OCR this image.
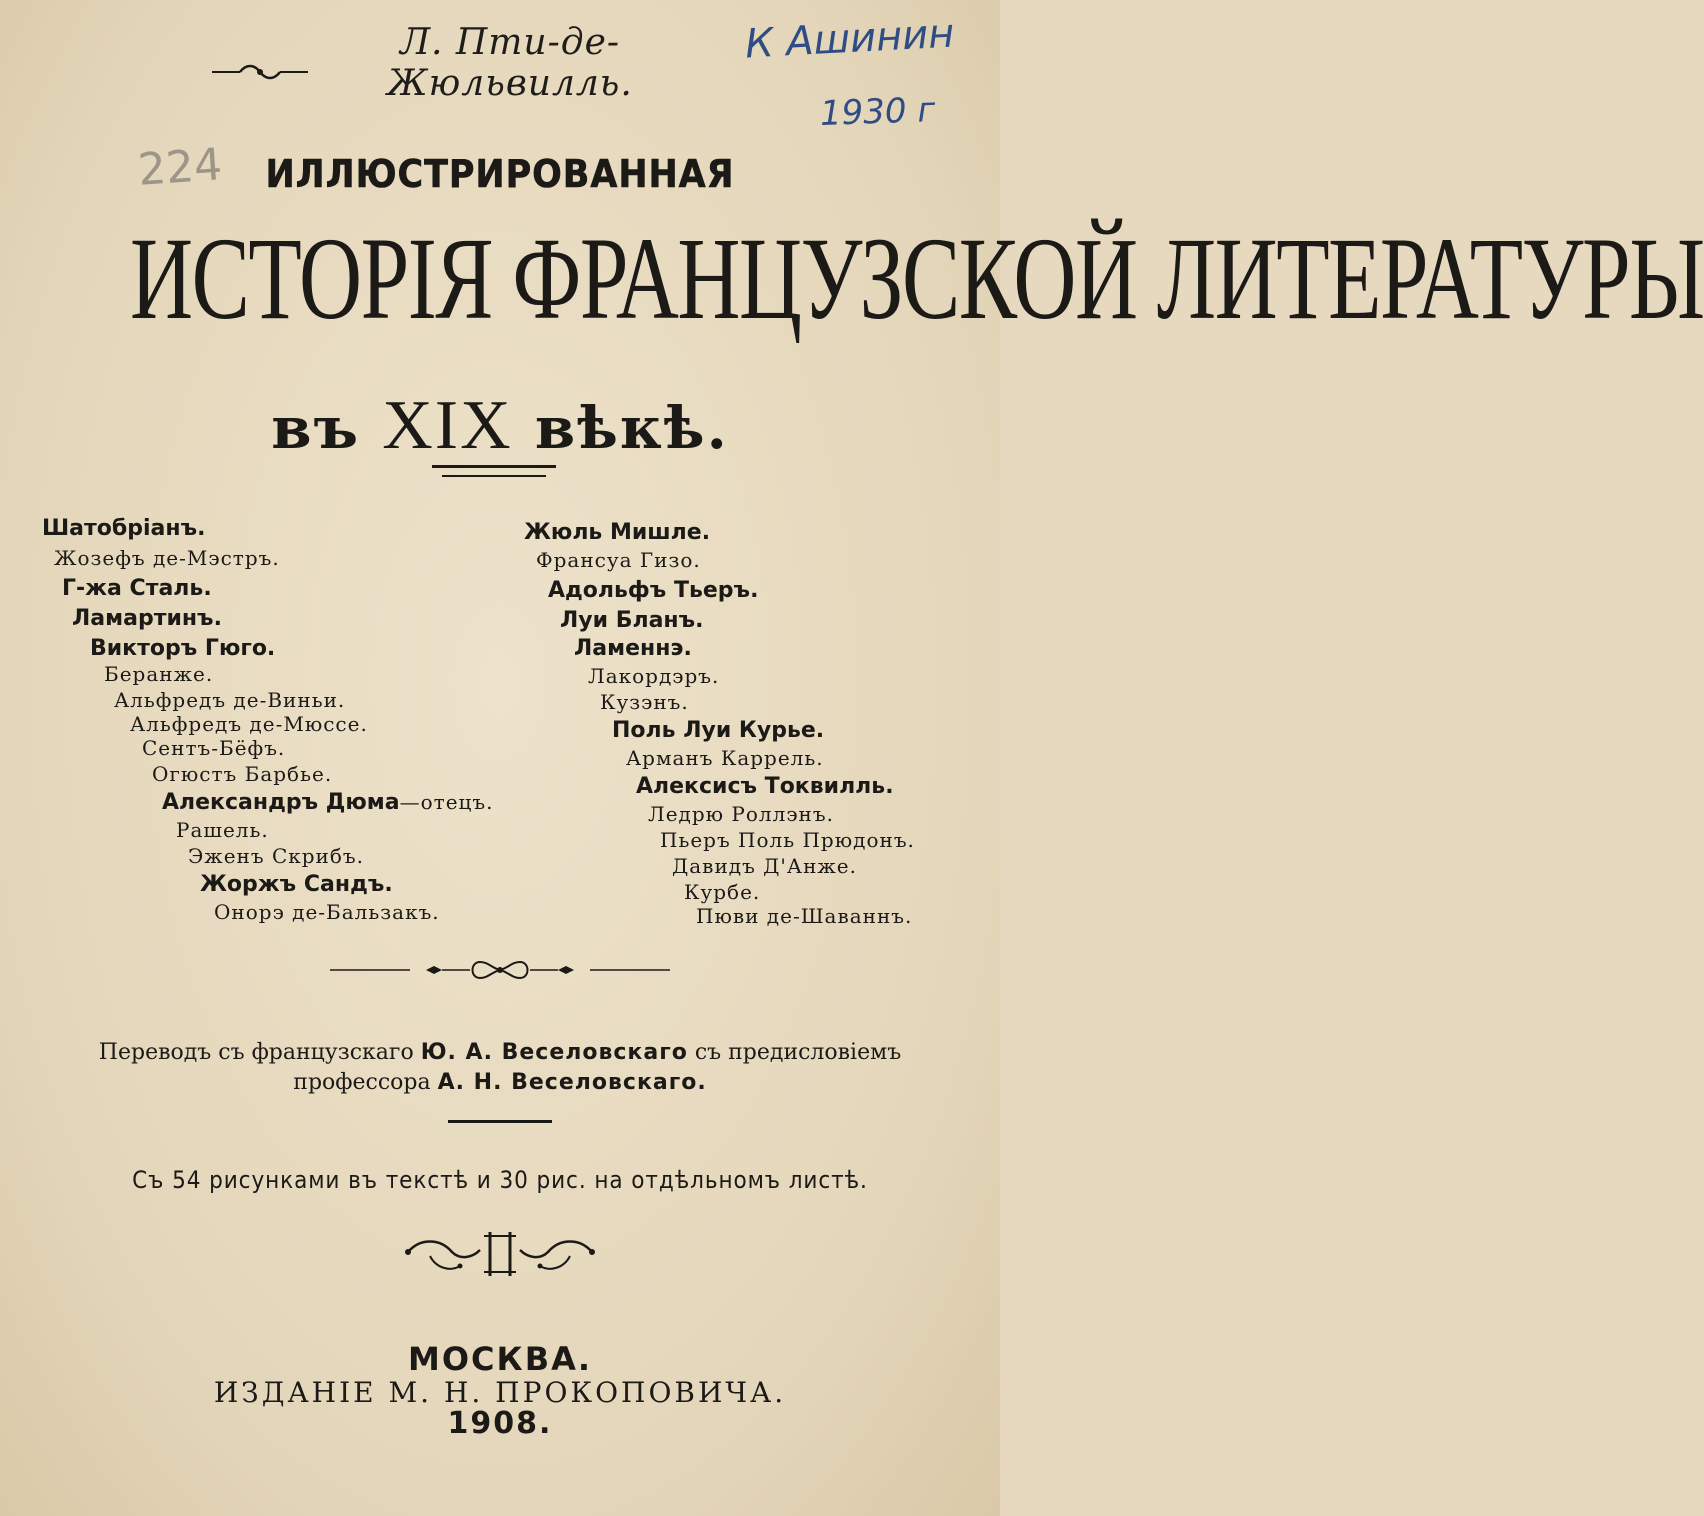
Л. Пти-де-Жюльвилль.
К Ашинин
1930 г
224	ИЛЛЮСТРИРОВАННАЯ
ИСТОРІЯ ФРАНЦУЗСКОЙ ЛИТЕРАТУРЫ
въ XIX вѣкѣ.
Шатобріанъ.
Жозефъ де-Мэстръ.
Г-жа Сталь.
Ламартинъ.
Викторъ Гюго.
Беранже.
Альфредъ де-Виньи.
Альфредъ де-Мюссе.
Сентъ-Бёфъ.
Огюстъ Барбье.
Александръ Дюма—отецъ.
Рашель.
Эженъ Скрибъ.
Жоржъ Сандъ.
Онорэ де-Бальзакъ.
Жюль Мишле.
Франсуа Гизо.
Адольфъ Тьеръ.
Луи Бланъ.
Ламеннэ.
Лакордэръ.
Кузэнъ.
Поль Луи Курье.
Арманъ Каррель.
Алексисъ Токвилль.
Ледрю Роллэнъ.
Пьеръ Поль Прюдонъ.
Давидъ Д'Анже.
Курбе.
Пюви де-Шаваннъ.
Переводъ съ французскаго Ю. А. Веселовскаго съ предисловіемъ
профессора А. Н. Веселовскаго.
Съ 54 рисунками въ текстѣ и 30 рис. на отдѣльномъ листѣ.
МОСКВА.
ИЗДАНІЕ М. Н. ПРОКОПОВИЧА.
1908.
